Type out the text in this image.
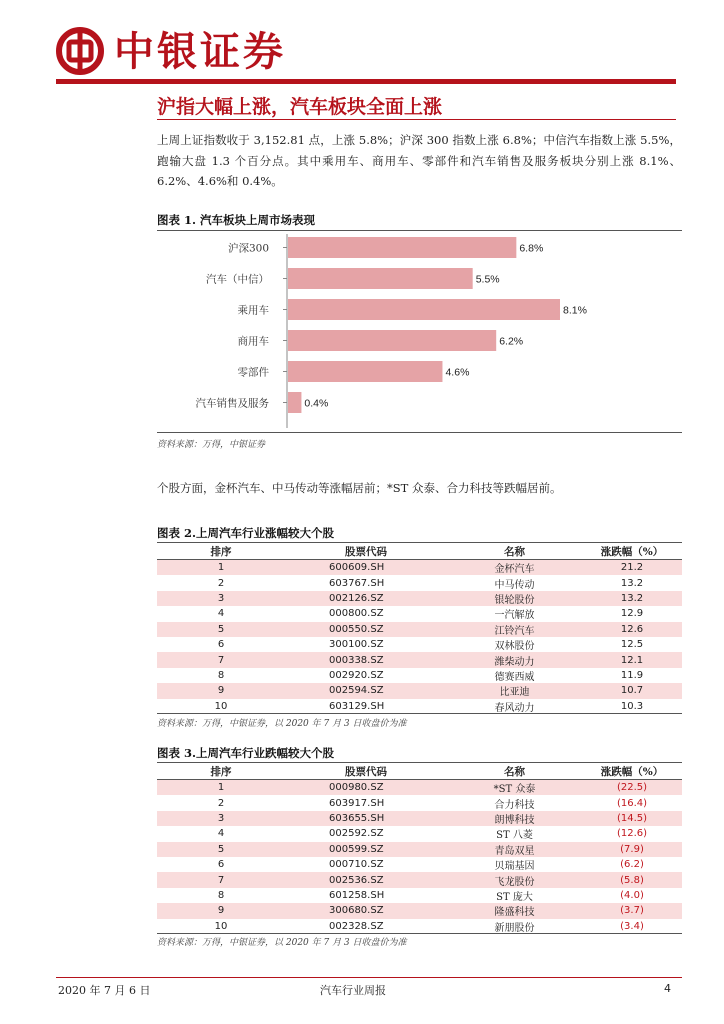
中银证券
沪指大幅上涨，汽车板块全面上涨
上周上证指数收于 3,152.81 点，上涨 5.8%；沪深 300 指数上涨 6.8%；中信汽车指数上涨 5.5%，跑输大盘 1.3 个百分点。其中乘用车、商用车、零部件和汽车销售及服务板块分别上涨 8.1%、6.2%、4.6%和 0.4%。
图表 1. 汽车板块上周市场表现
沪深300	6.8%
汽车（中信）	5.5%
乘用车	8.1%
商用车	6.2%
零部件	4.6%
汽车销售及服务	0.4%
资料来源：万得，中银证券
个股方面，金杯汽车、中马传动等涨幅居前；*ST 众泰、合力科技等跌幅居前。
图表 2.上周汽车行业涨幅较大个股
排序	股票代码	名称	涨跌幅（%）
1	600609.SH	金杯汽车	21.2
2	603767.SH	中马传动	13.2
3	002126.SZ	银轮股份	13.2
4	000800.SZ	一汽解放	12.9
5	000550.SZ	江铃汽车	12.6
6	300100.SZ	双林股份	12.5
7	000338.SZ	潍柴动力	12.1
8	002920.SZ	德赛西威	11.9
9	002594.SZ	比亚迪	10.7
10	603129.SH	春风动力	10.3
资料来源：万得，中银证券，以 2020 年 7 月 3 日收盘价为准
图表 3.上周汽车行业跌幅较大个股
排序	股票代码	名称	涨跌幅（%）
1	000980.SZ	*ST 众泰	(22.5)
2	603917.SH	合力科技	(16.4)
3	603655.SH	朗博科技	(14.5)
4	002592.SZ	ST 八菱	(12.6)
5	000599.SZ	青岛双星	(7.9)
6	000710.SZ	贝瑞基因	(6.2)
7	002536.SZ	飞龙股份	(5.8)
8	601258.SH	ST 庞大	(4.0)
9	300680.SZ	隆盛科技	(3.7)
10	002328.SZ	新朋股份	(3.4)
资料来源：万得，中银证券，以 2020 年 7 月 3 日收盘价为准
2020 年 7 月 6 日	汽车行业周报	4
